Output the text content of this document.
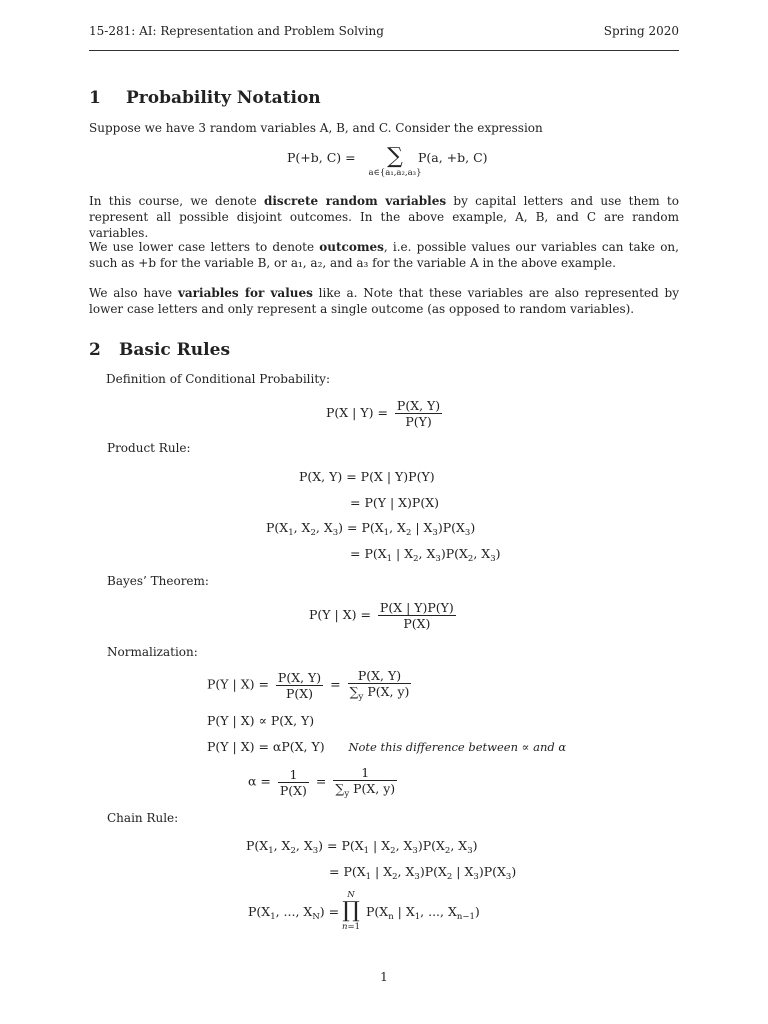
15-281: AI: Representation and Problem Solving	Spring 2020
1 Probability Notation
Suppose we have 3 random variables A, B, and C. Consider the expression
P(+b, C) =	∑
a∈{a₁,a₂,a₃}
P(a, +b, C)
In this course, we denote discrete random variables by capital letters and use them to represent all possible disjoint outcomes. In the above example, A, B, and C are random variables.
We use lower case letters to denote outcomes, i.e. possible values our variables can take on, such as +b for the variable B, or a₁, a₂, and a₃ for the variable A in the above example.
We also have variables for values like a. Note that these variables are also represented by lower case letters and only represent a single outcome (as opposed to random variables).
2 Basic Rules
Definition of Conditional Probability:
P(X | $Y) = \frac{P(X, Y)}{P(Y)}$
Product Rule:
P(X, Y) = P(X | Y)P(Y)
= P(Y | X)P(X)
$P(X_1$, $X_2$, $X_3) = P(X_1$, $X_2$ | $X_3)P(X_3)$
= $P(X_1$ | $X_2$, $X_3)P(X_2$, $X_3$)
Bayes’ Theorem:
P(Y | $X) = \frac{P(X | Y)P(Y)}{P(X)}$
Normalization:
P(Y | $X) = \frac{P(X, Y)}{P(X)} = \frac{P(X, Y)}{\sum_y P(X, y)}$
P(Y | X) ∝ P(X, Y)
P(Y | X) = αP(X, Y)      Note this difference between ∝ and α
$\alpha = \frac{1}{P(X)} = \frac{1}{\sum_y P(X, y)}$
Chain Rule:
$P(X_1$, $X_2$, $X_3) = P(X_1$ | $X_2$, $X_3)P(X_2$, $X_3$)
= $P(X_1$ | $X_2$, $X_3)P(X_2$ | $X_3)P(X_3)$
$P(X_1$, ..., $X_N$) =
N
∏
n=1
$P(X_n$ | $X_1$, ..., $X_{n-1}$)
1
